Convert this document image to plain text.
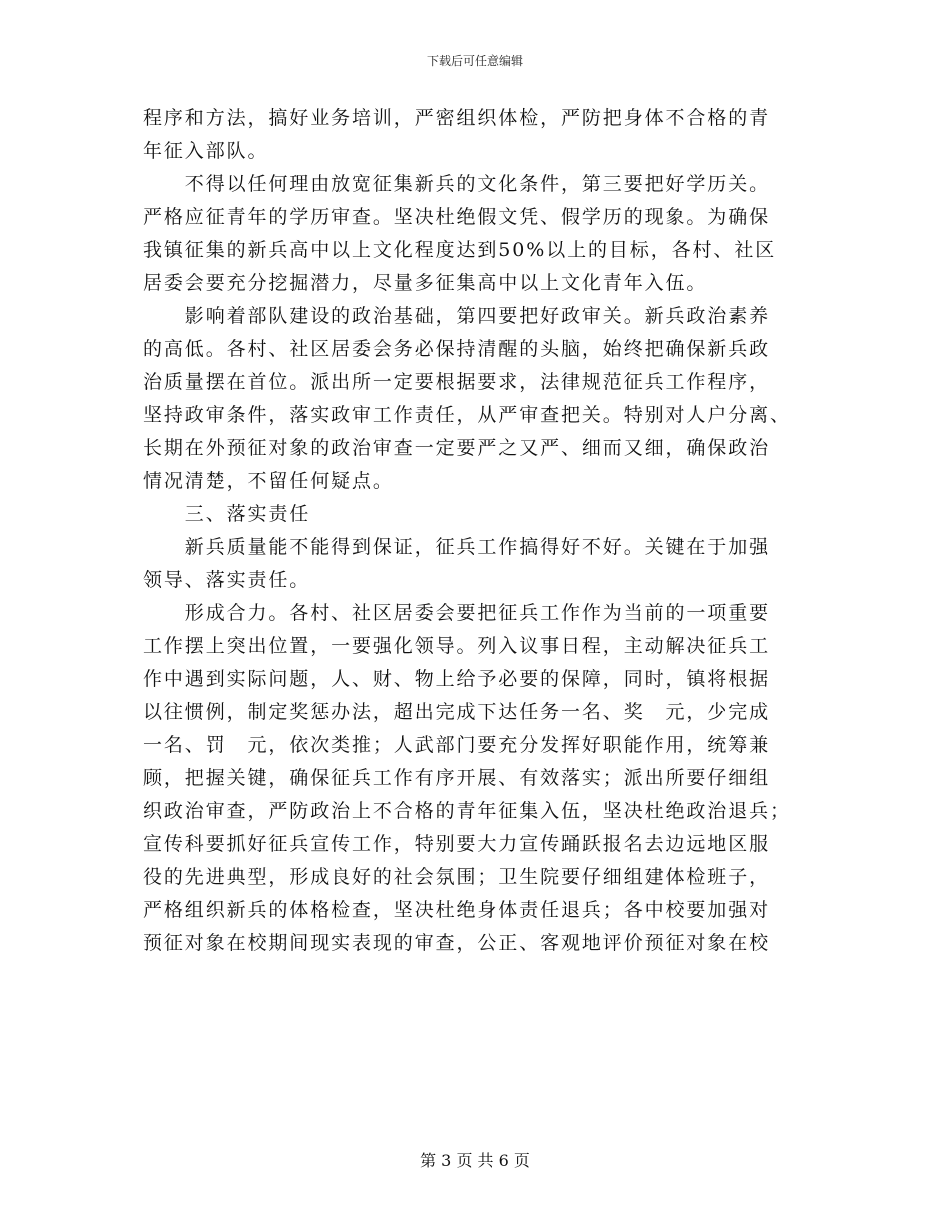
下载后可任意编辑
程序和方法，搞好业务培训，严密组织体检，严防把身体不合格的青
年征入部队。
　　不得以任何理由放宽征集新兵的文化条件，第三要把好学历关。
严格应征青年的学历审查。坚决杜绝假文凭、假学历的现象。为确保
我镇征集的新兵高中以上文化程度达到50%以上的目标，各村、社区
居委会要充分挖掘潜力，尽量多征集高中以上文化青年入伍。
　　影响着部队建设的政治基础，第四要把好政审关。新兵政治素养
的高低。各村、社区居委会务必保持清醒的头脑，始终把确保新兵政
治质量摆在首位。派出所一定要根据要求，法律规范征兵工作程序，
坚持政审条件，落实政审工作责任，从严审查把关。特别对人户分离、
长期在外预征对象的政治审查一定要严之又严、细而又细，确保政治
情况清楚，不留任何疑点。
　　三、落实责任
　　新兵质量能不能得到保证，征兵工作搞得好不好。关键在于加强
领导、落实责任。
　　形成合力。各村、社区居委会要把征兵工作作为当前的一项重要
工作摆上突出位置，一要强化领导。列入议事日程，主动解决征兵工
作中遇到实际问题，人、财、物上给予必要的保障，同时，镇将根据
以往惯例，制定奖惩办法，超出完成下达任务一名、奖　元，少完成
一名、罚　元，依次类推；人武部门要充分发挥好职能作用，统筹兼
顾，把握关键，确保征兵工作有序开展、有效落实；派出所要仔细组
织政治审查，严防政治上不合格的青年征集入伍，坚决杜绝政治退兵；
宣传科要抓好征兵宣传工作，特别要大力宣传踊跃报名去边远地区服
役的先进典型，形成良好的社会氛围；卫生院要仔细组建体检班子，
严格组织新兵的体格检查，坚决杜绝身体责任退兵；各中校要加强对
预征对象在校期间现实表现的审查，公正、客观地评价预征对象在校
第 3 页 共 6 页
